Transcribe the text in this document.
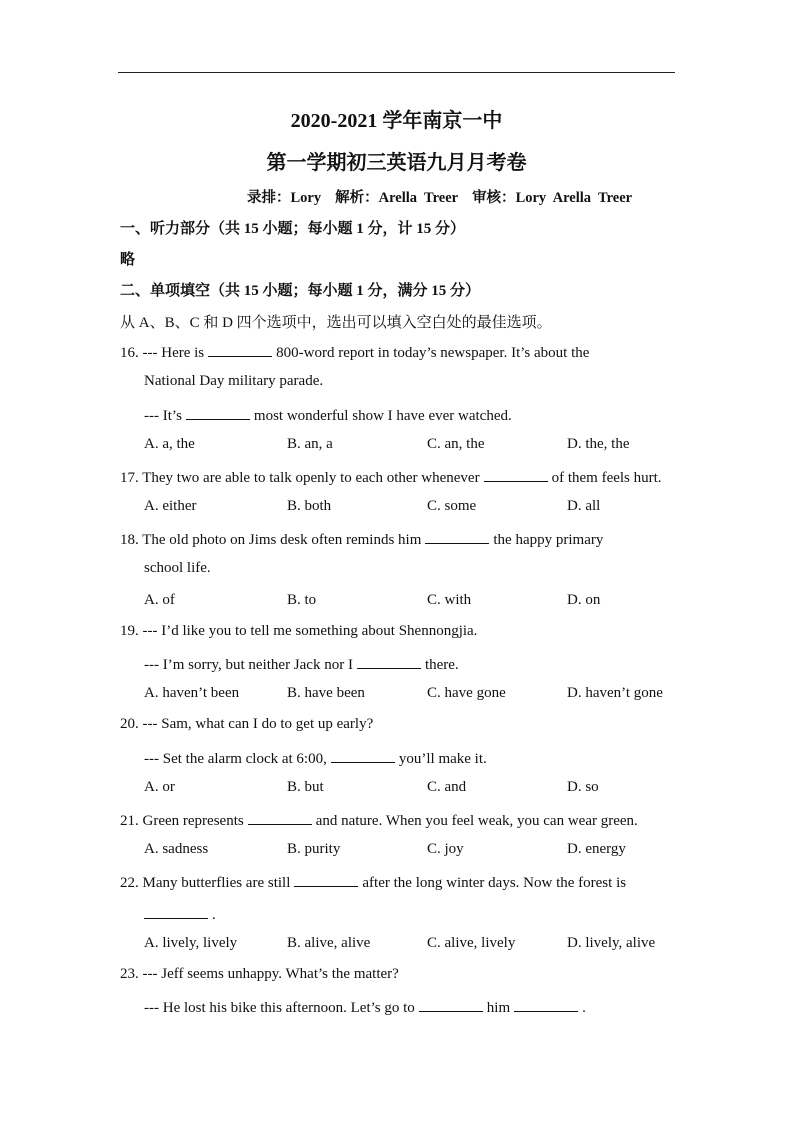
2020-2021 学年南京一中
第一学期初三英语九月月考卷
录排：Lory 解析：Arella  Treer 审核：Lory  Arella  Treer
一、听力部分（共 15 小题；每小题 1 分，计 15 分）
略
二、单项填空（共 15 小题；每小题 1 分，满分 15 分）
从 A、B、C 和 D 四个选项中，选出可以填入空白处的最佳选项。
16. --- Here is	800-word report in today’s newspaper. It’s about the
National Day military parade.
--- It’s	most wonderful show I have ever watched.
A. a, the	B. an, a	C. an, the	D. the, the
17. They two are able to talk openly to each other whenever	of them feels hurt.
A. either	B. both	C. some	D. all
18. The old photo on Jims desk often reminds him	the happy primary
school life.
A. of	B. to	C. with	D. on
19. --- I’d like you to tell me something about Shennongjia.
--- I’m sorry, but neither Jack nor I	there.
A. haven’t been	B. have been	C. have gone	D. haven’t gone
20. --- Sam, what can I do to get up early?
--- Set the alarm clock at 6:00,	you’ll make it.
A. or	B. but	C. and	D. so
21. Green represents	and nature. When you feel weak, you can wear green.
A. sadness	B. purity	C. joy	D. energy
22. Many butterflies are still	after the long winter days. Now the forest is
.
A. lively, lively	B. alive, alive	C. alive, lively	D. lively, alive
23. --- Jeff seems unhappy. What’s the matter?
--- He lost his bike this afternoon. Let’s go to	him	.
